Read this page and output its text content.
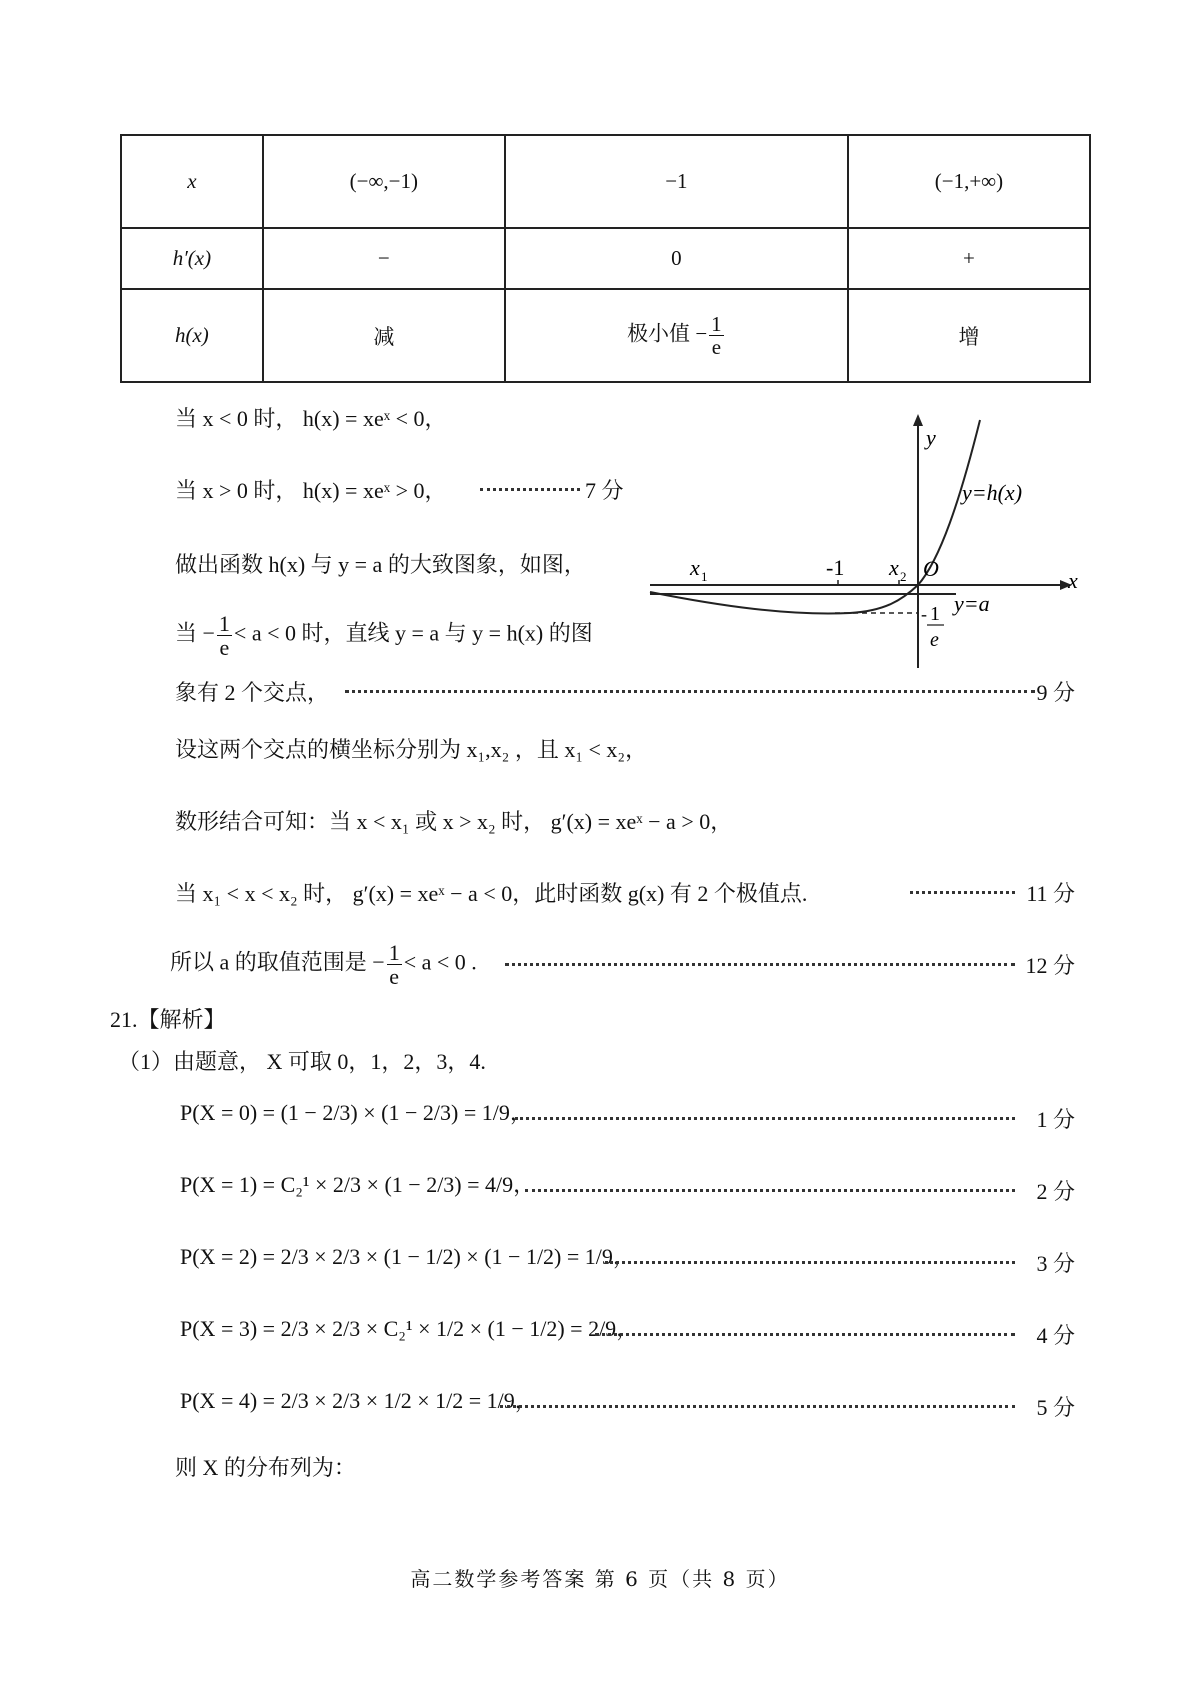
x	(−∞,−1)	−1	(−1,+∞)
h′(x)	−	0	+
h(x)	减	极小值 − $\frac{1}{e}$	增
当 x < 0 时， h(x) = xeˣ < 0，
当 x > 0 时， h(x) = xeˣ > 0，	7 分
做出函数 h(x) 与 y = a 的大致图象，如图，
当 − $\frac{1}{e} < a < 0$ 时，直线 y = a 与 y = h(x) 的图
象有 2 个交点，	9 分
y
x
y=h(x)
y=a
O
-1
x 1	x 2
- 1
e
设这两个交点的横坐标分别为 x₁,x₂ ，且 x₁ < x₂，
数形结合可知：当 x < x₁ 或 x > x₂ 时， g′(x) = xeˣ − a > 0，
当 x₁ < x < x₂ 时， g′(x) = xeˣ − a < 0，此时函数 g(x) 有 2 个极值点.	11 分
所以 a 的取值范围是 − $\frac{1}{e} < a < 0$ .	12 分
21.【解析】
（1）由题意， X 可取 0，1，2，3，4.
P(X = 0) = (1 − 2/3) × (1 − 2/3) = 1/9，	1 分
P(X = 1) = C₂¹ × 2/3 × (1 − 2/3) = 4/9，	2 分
P(X = 2) = 2/3 × 2/3 × (1 − 1/2) × (1 − 1/2) = 1/9，	3 分
P(X = 3) = 2/3 × 2/3 × C₂¹ × 1/2 × (1 − 1/2) = 2/9，	4 分
P(X = 4) = 2/3 × 2/3 × 1/2 × 1/2 = 1/9，	5 分
则 X 的分布列为：
高二数学参考答案 第 6 页（共 8 页）
